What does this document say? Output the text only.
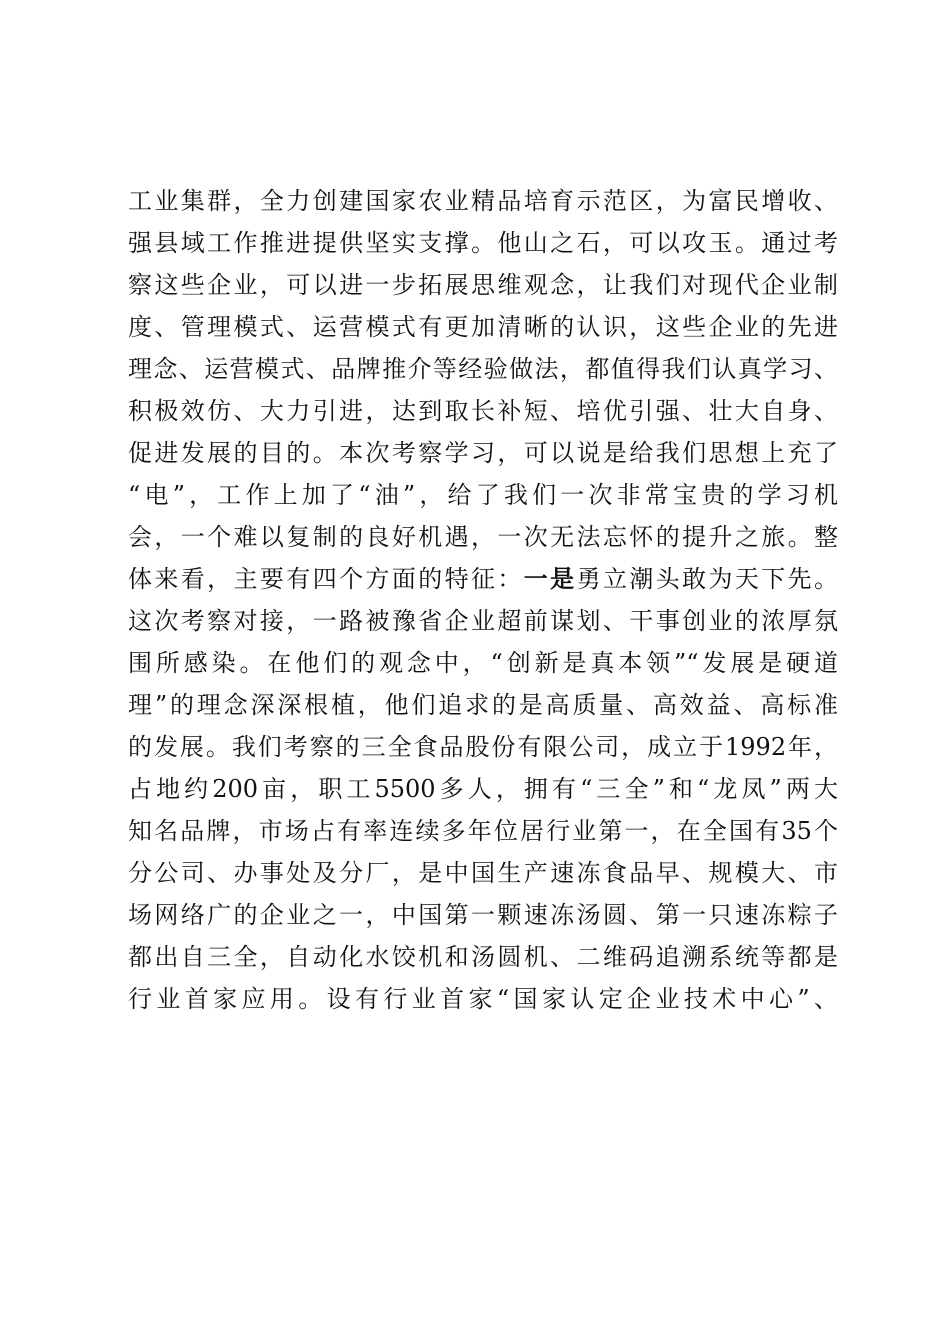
工业集群，全力创建国家农业精品培育示范区，为富民增收、
强县域工作推进提供坚实支撑。他山之石，可以攻玉。通过考
察这些企业，可以进一步拓展思维观念，让我们对现代企业制
度、管理模式、运营模式有更加清晰的认识，这些企业的先进
理念、运营模式、品牌推介等经验做法，都值得我们认真学习、
积极效仿、大力引进，达到取长补短、培优引强、壮大自身、
促进发展的目的。本次考察学习，可以说是给我们思想上充了
“电”，工作上加了“油”，给了我们一次非常宝贵的学习机
会，一个难以复制的良好机遇，一次无法忘怀的提升之旅。整
体来看，主要有四个方面的特征：一是勇立潮头敢为天下先。
这次考察对接，一路被豫省企业超前谋划、干事创业的浓厚氛
围所感染。在他们的观念中，“创新是真本领”“发展是硬道
理”的理念深深根植，他们追求的是高质量、高效益、高标准
的发展。我们考察的三全食品股份有限公司，成立于1992年，
占地约200亩，职工5500多人，拥有“三全”和“龙凤”两大
知名品牌，市场占有率连续多年位居行业第一，在全国有35个
分公司、办事处及分厂，是中国生产速冻食品早、规模大、市
场网络广的企业之一，中国第一颗速冻汤圆、第一只速冻粽子
都出自三全，自动化水饺机和汤圆机、二维码追溯系统等都是
行业首家应用。设有行业首家“国家认定企业技术中心”、
